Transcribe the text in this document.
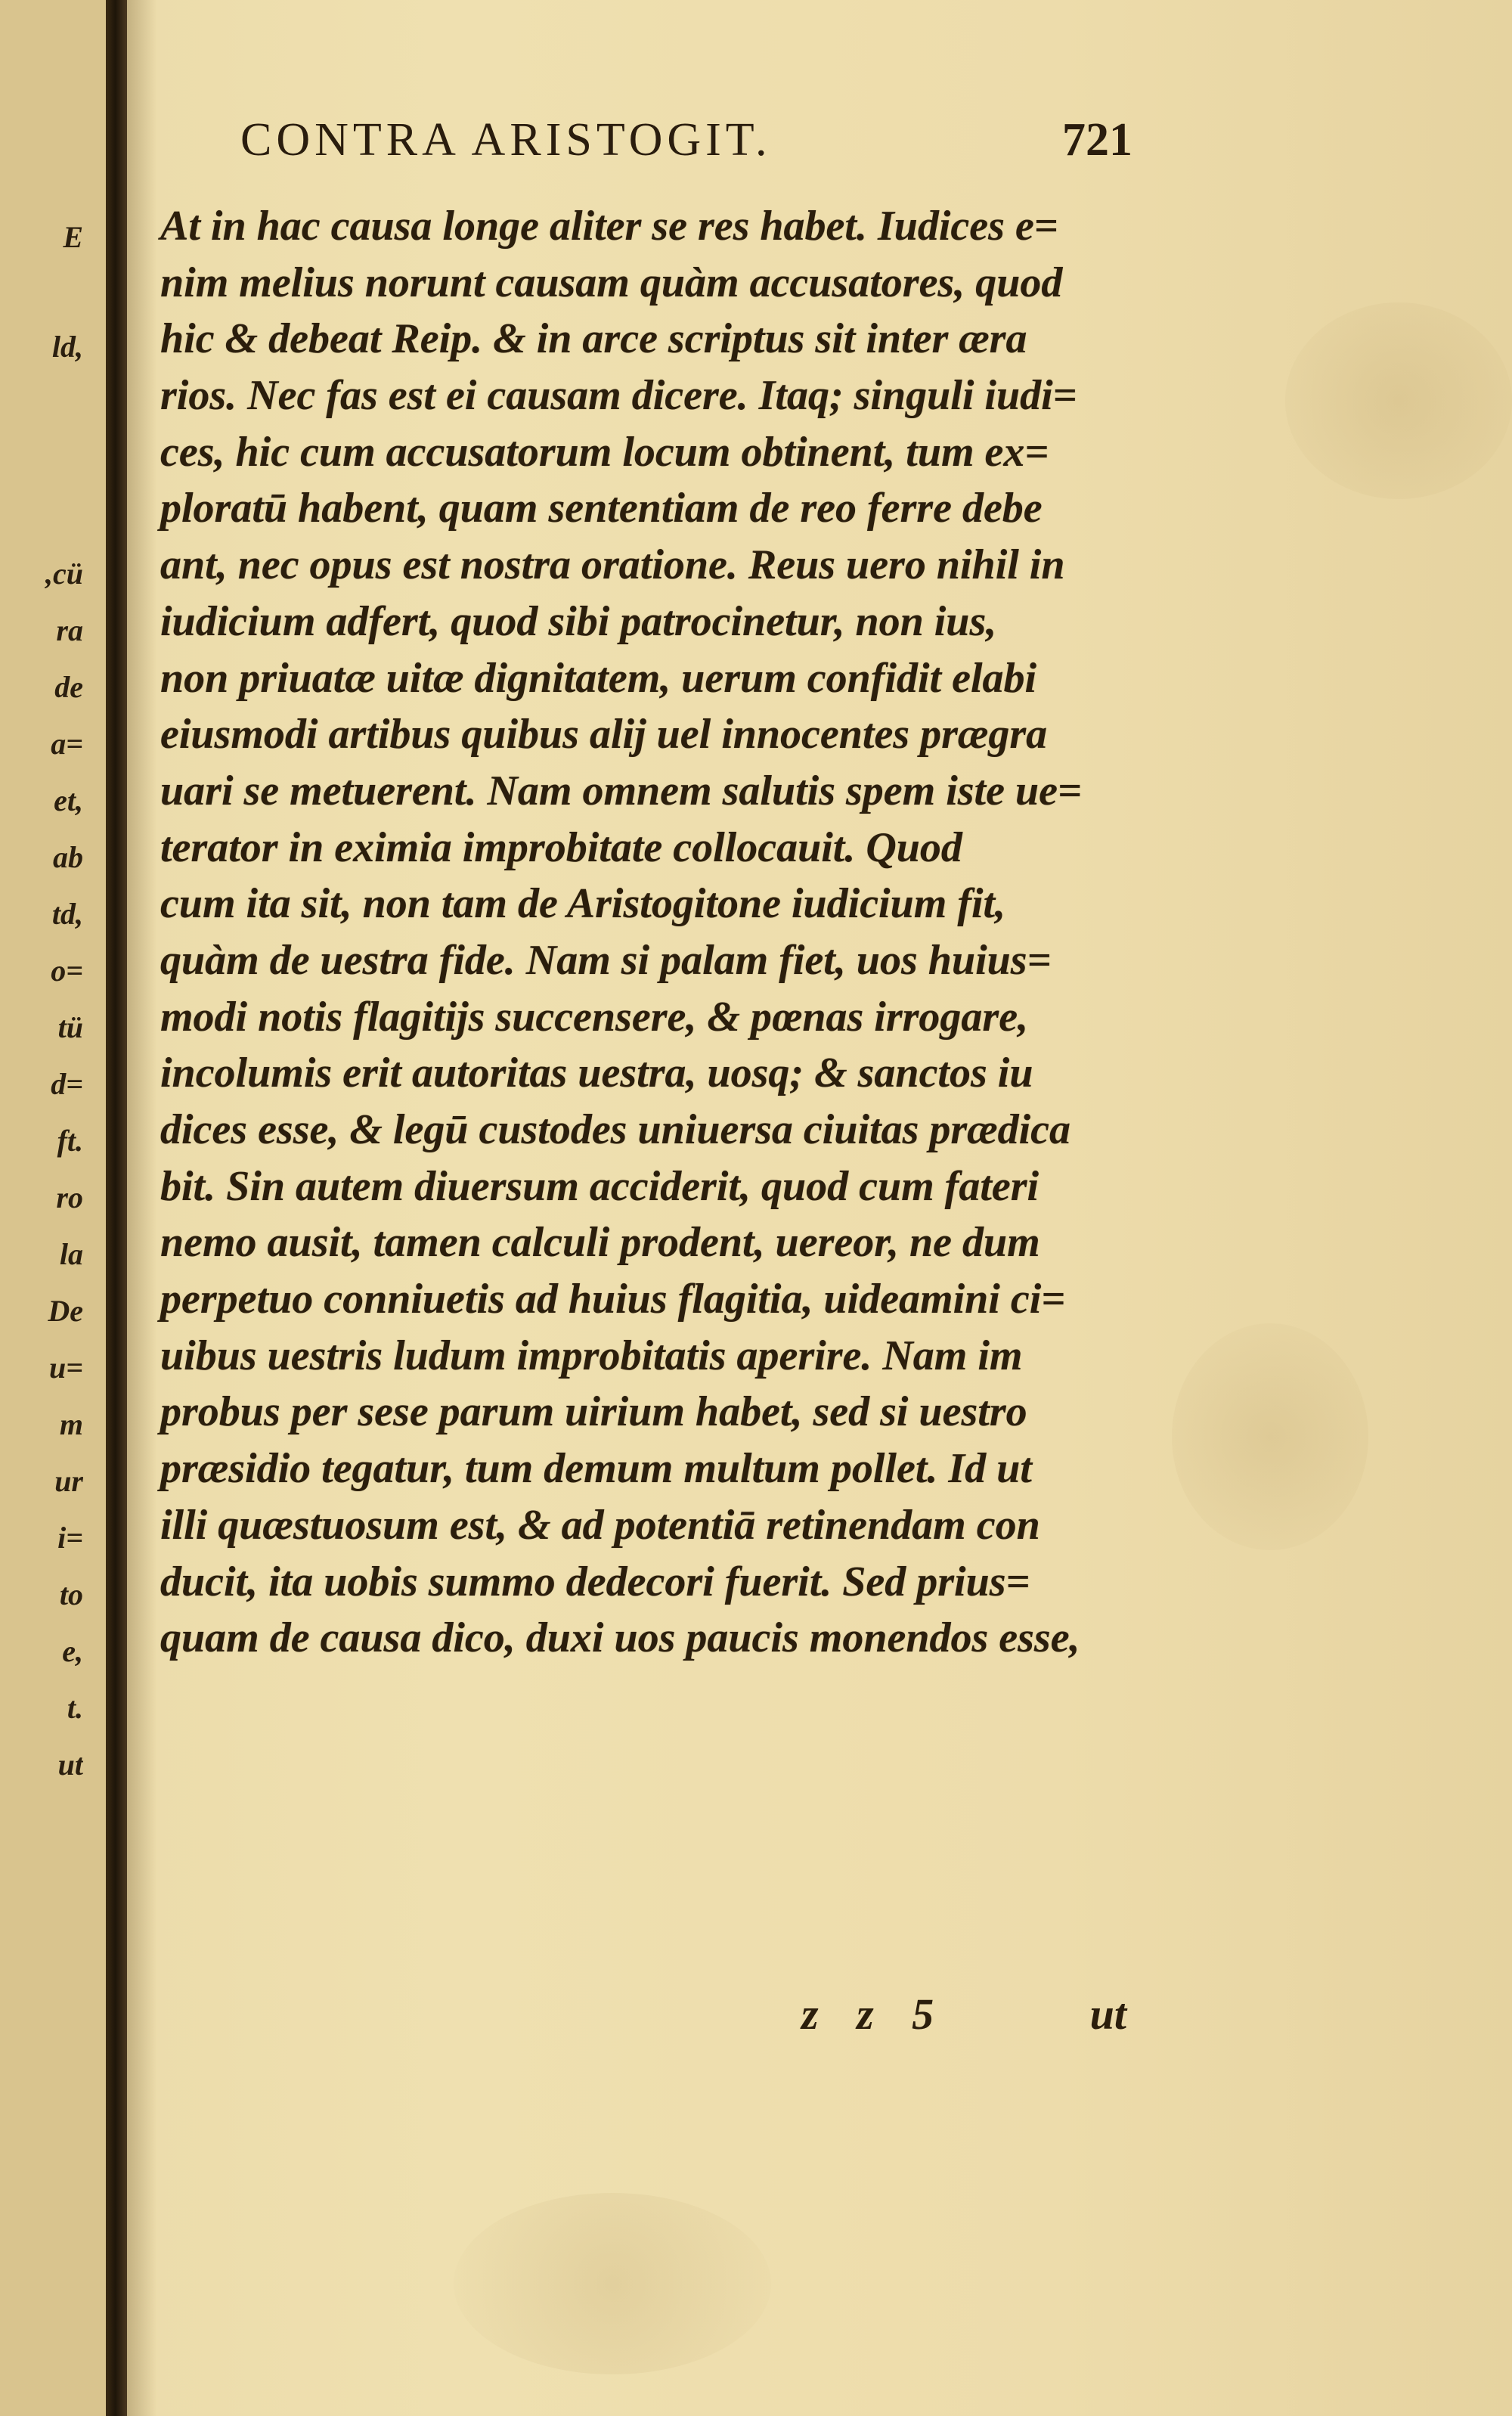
E
ld,
,cü
ra
de
a=
et,
ab
td,
o=
tü
d=
ft.
ro
la
De
u=
m
ur
i=
to
e,
t.
ut
CONTRA ARISTOGIT.	721
At in hac causa longe aliter se res habet. Iudices e=
nim melius norunt causam quàm accusatores, quod
hic & debeat Reip. & in arce scriptus sit inter æra
rios. Nec fas est ei causam dicere. Itaq; singuli iudi=
ces, hic cum accusatorum locum obtinent, tum ex=
ploratū habent, quam sententiam de reo ferre debe
ant, nec opus est nostra oratione. Reus uero nihil in
iudicium adfert, quod sibi patrocinetur, non ius,
non priuatæ uitæ dignitatem, uerum confidit elabi
eiusmodi artibus quibus alij uel innocentes prægra
uari se metuerent. Nam omnem salutis spem iste ue=
terator in eximia improbitate collocauit. Quod
cum ita sit, non tam de Aristogitone iudicium fit,
quàm de uestra fide. Nam si palam fiet, uos huius=
modi notis flagitijs succensere, & pœnas irrogare,
incolumis erit autoritas uestra, uosq; & sanctos iu
dices esse, & legū custodes uniuersa ciuitas prædica
bit. Sin autem diuersum acciderit, quod cum fateri
nemo ausit, tamen calculi prodent, uereor, ne dum
perpetuo conniuetis ad huius flagitia, uideamini ci=
uibus uestris ludum improbitatis aperire. Nam im
probus per sese parum uirium habet, sed si uestro
præsidio tegatur, tum demum multum pollet. Id ut
illi quæstuosum est, & ad potentiā retinendam con
ducit, ita uobis summo dedecori fuerit. Sed prius=
quam de causa dico, duxi uos paucis monendos esse,
z z 5	ut
